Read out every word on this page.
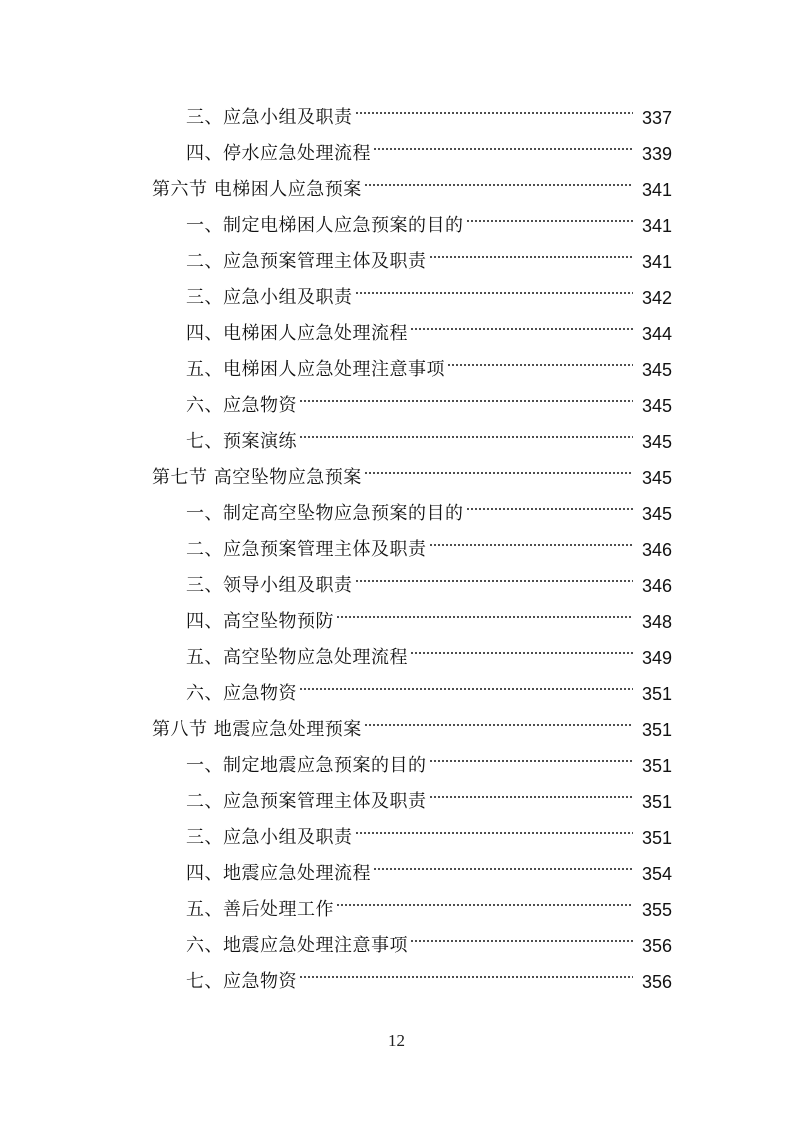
三、应急小组及职责	337
四、停水应急处理流程	339
第六节 电梯困人应急预案	341
一、制定电梯困人应急预案的目的	341
二、应急预案管理主体及职责	341
三、应急小组及职责	342
四、电梯困人应急处理流程	344
五、电梯困人应急处理注意事项	345
六、应急物资	345
七、预案演练	345
第七节 高空坠物应急预案	345
一、制定高空坠物应急预案的目的	345
二、应急预案管理主体及职责	346
三、领导小组及职责	346
四、高空坠物预防	348
五、高空坠物应急处理流程	349
六、应急物资	351
第八节 地震应急处理预案	351
一、制定地震应急预案的目的	351
二、应急预案管理主体及职责	351
三、应急小组及职责	351
四、地震应急处理流程	354
五、善后处理工作	355
六、地震应急处理注意事项	356
七、应急物资	356
12
